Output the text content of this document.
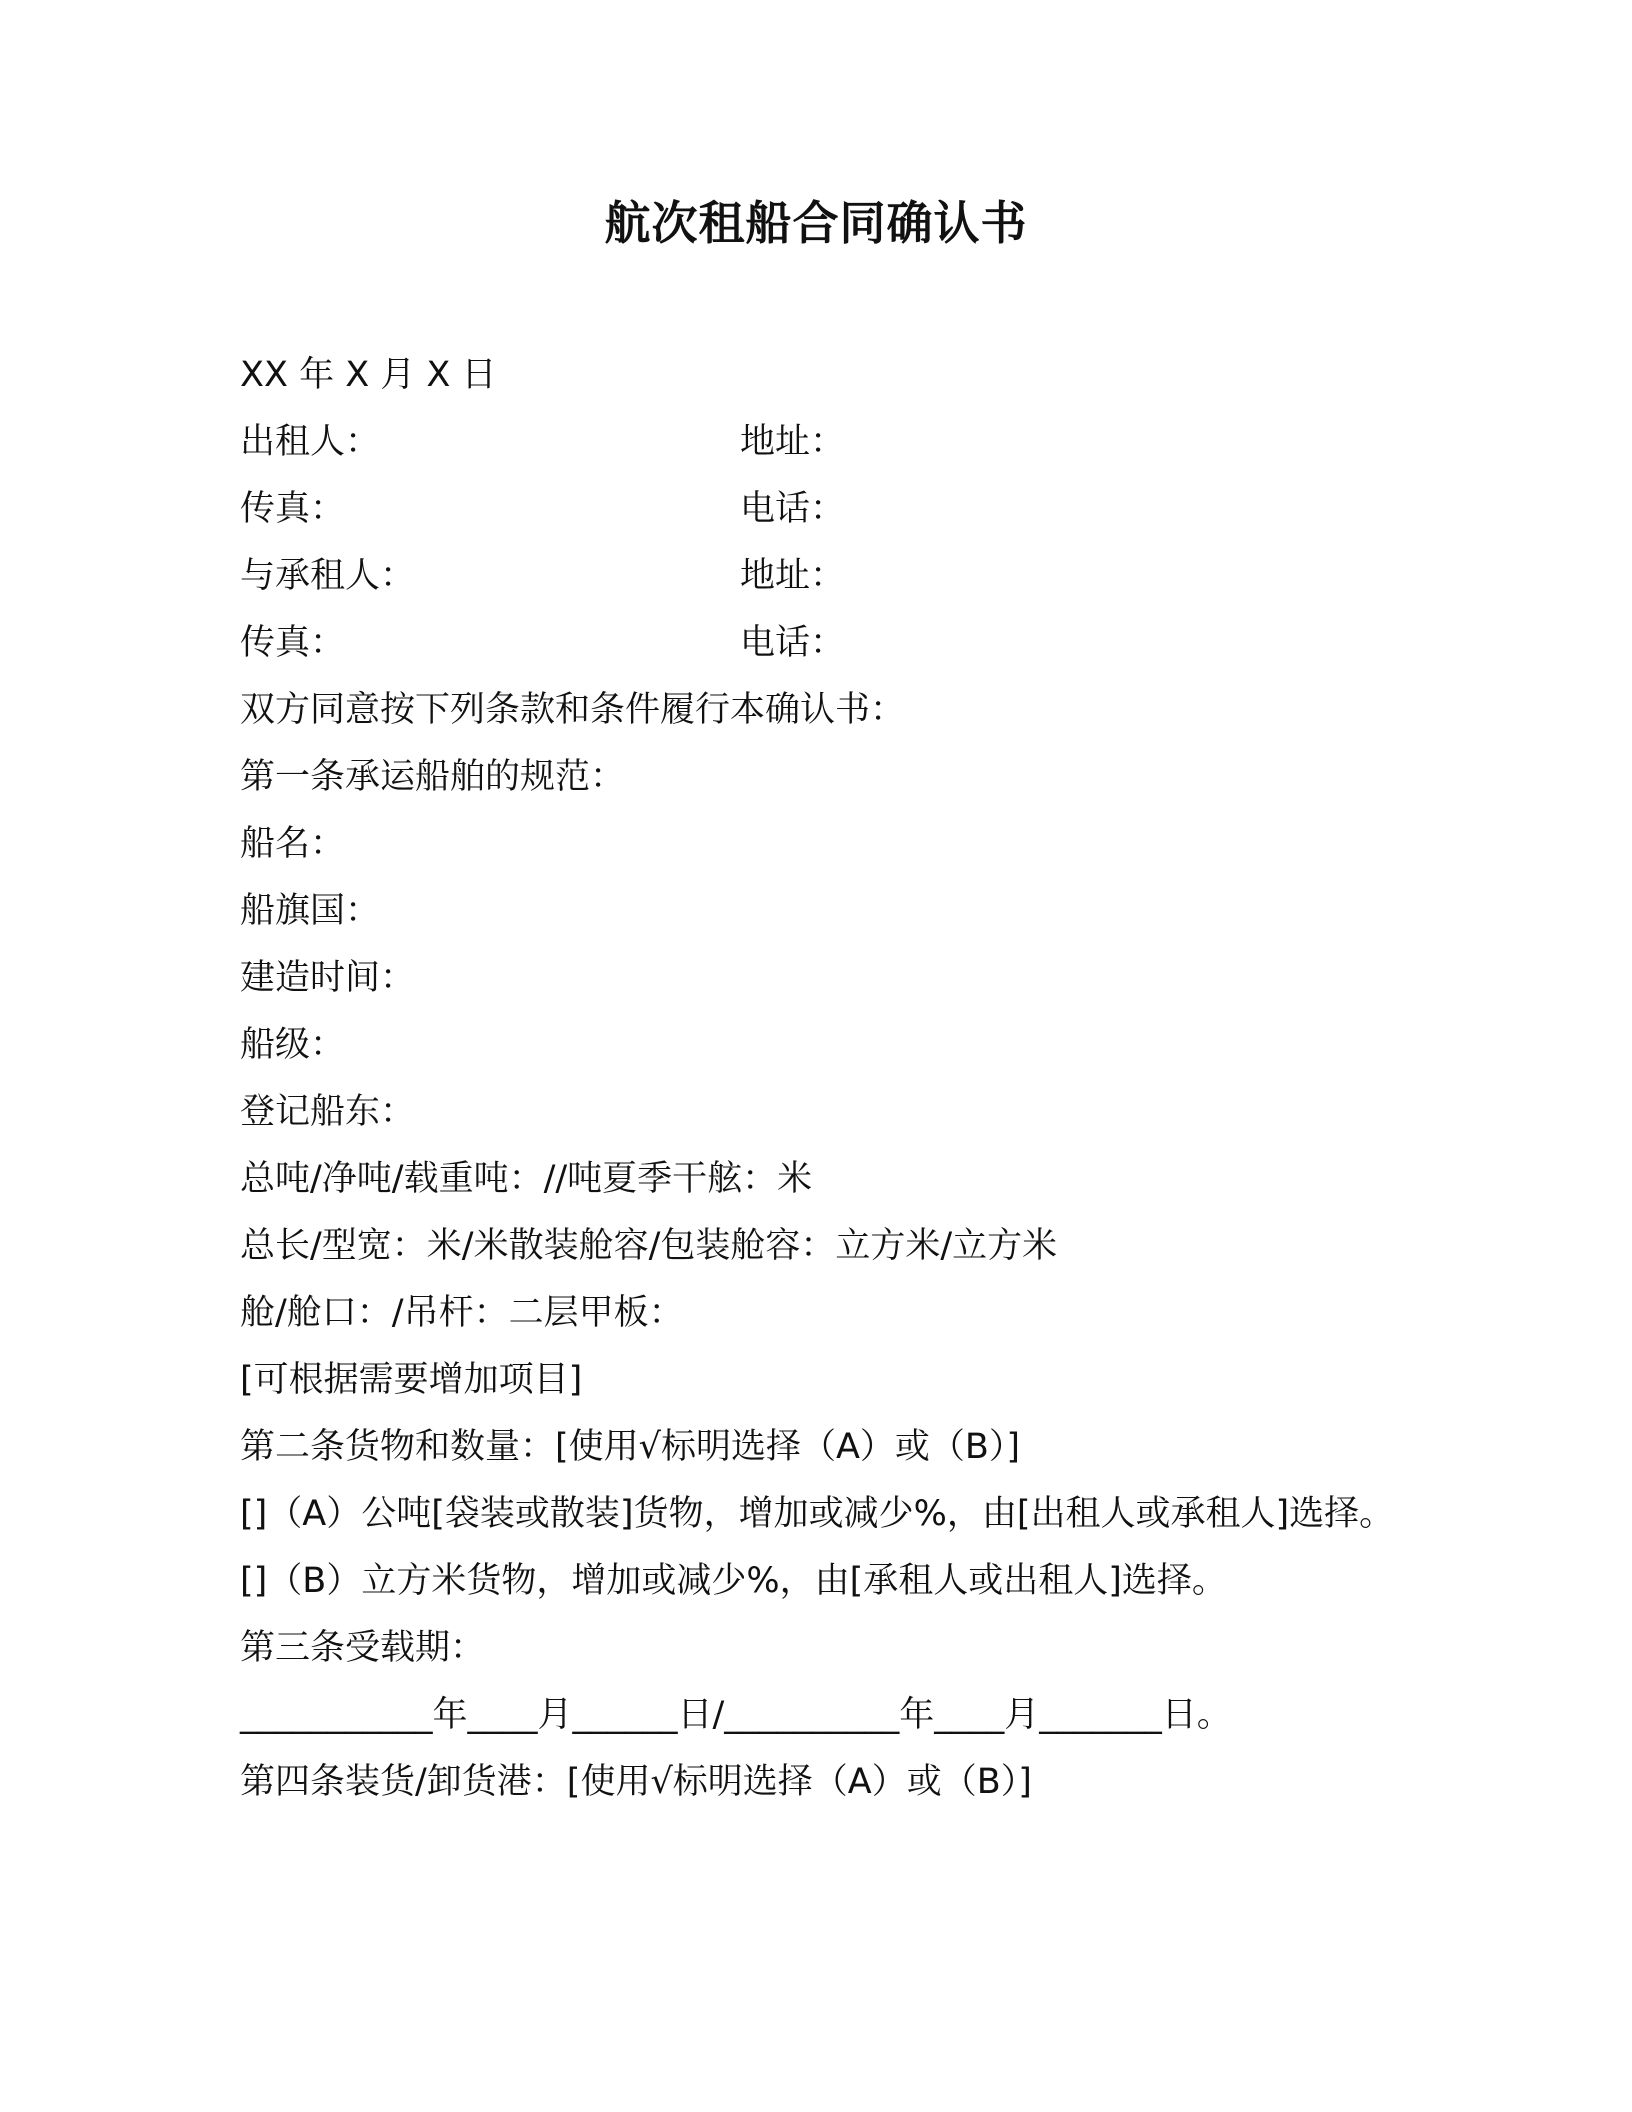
航次租船合同确认书
XX 年 X 月 X 日
出租人：	地址：
传真：	电话：
与承租人：	地址：
传真：	电话：
双方同意按下列条款和条件履行本确认书：
第一条承运船舶的规范：
船名：
船旗国：
建造时间：
船级：
登记船东：
总吨/净吨/载重吨：//吨夏季干舷：米
总长/型宽：米/米散装舱容/包装舱容：立方米/立方米
舱/舱口：/吊杆：二层甲板：
[可根据需要增加项目]
第二条货物和数量：[使用√标明选择（A）或（B）]
[]（A）公吨[袋装或散装]货物，增加或减少%，由[出租人或承租人]选择。
[]（B）立方米货物，增加或减少%，由[承租人或出租人]选择。
第三条受载期：
___________年____月______日/__________年____月_______日。
第四条装货/卸货港：[使用√标明选择（A）或（B）]
